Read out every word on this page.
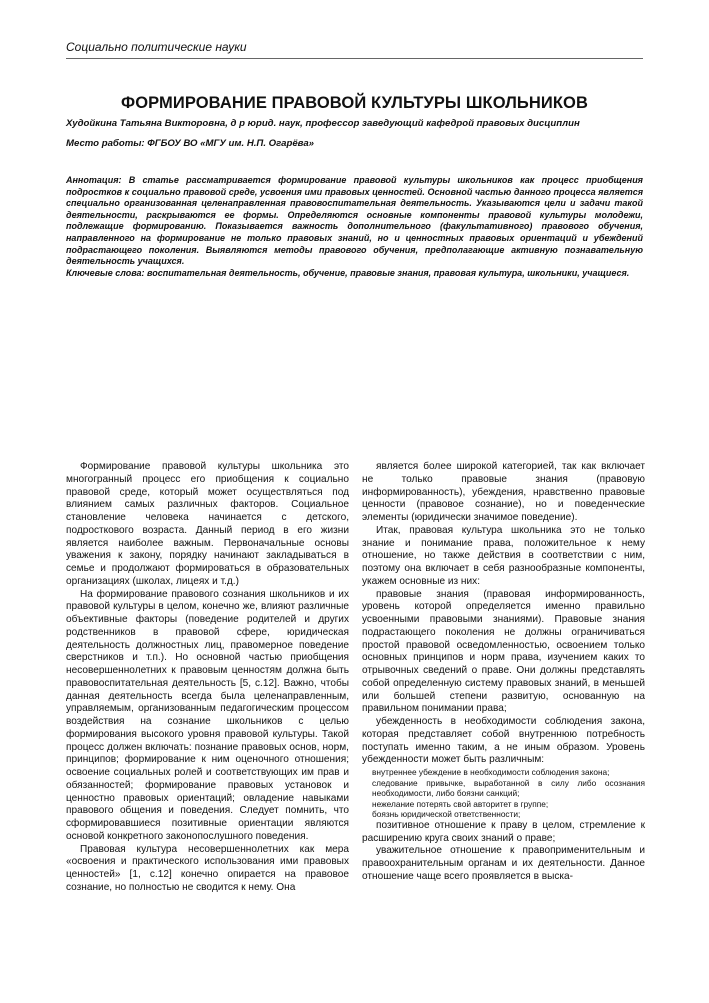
Социально политические науки
ФОРМИРОВАНИЕ ПРАВОВОЙ КУЛЬТУРЫ ШКОЛЬНИКОВ
Худойкина Татьяна Викторовна, д р юрид. наук, профессор заведующий кафедрой правовых дисциплин
Место работы: ФГБОУ ВО «МГУ им. Н.П. Огарёва»
Аннотация: В статье рассматривается формирование правовой культуры школьников как процесс приобщения подростков к социально правовой среде, усвоения ими правовых ценностей. Основной частью данного процесса является специально организованная целенаправленная правовоспитательная деятельность. Указываются цели и задачи такой деятельности, раскрываются ее формы. Определяются основные компоненты правовой культуры молодежи, подлежащие формированию. Показывается важность дополнительного (факультативного) правового обучения, направленного на формирование не только правовых знаний, но и ценностных правовых ориентаций и убеждений подрастающего поколения. Выявляются методы правового обучения, предполагающие активную познавательную деятельность учащихся.
Ключевые слова: воспитательная деятельность, обучение, правовые знания, правовая культура, школьники, учащиеся.

Формирование правовой культуры школьника это многогранный процесс его приобщения к социально правовой среде, который может осуществляться под влиянием самых различных факторов. Социальное становление человека начинается с детского, подросткового возраста. Данный период в его жизни является наиболее важным. Первоначальные основы уважения к закону, порядку начинают закладываться в семье и продолжают формироваться в образовательных организациях (школах, лицеях и т.д.)

На формирование правового сознания школьников и их правовой культуры в целом, конечно же, влияют различные объективные факторы (поведение родителей и других родственников в правовой сфере, юридическая деятельность должностных лиц, правомерное поведение сверстников и т.п.). Но основной частью приобщения несовершеннолетних к правовым ценностям должна быть правовоспитательная деятельность [5, с.12]. Важно, чтобы данная деятельность всегда была целенаправленным, управляемым, организованным педагогическим процессом воздействия на сознание школьников с целью формирования высокого уровня правовой культуры. Такой процесс должен включать: познание правовых основ, норм, принципов; формирование к ним оценочного отношения; освоение социальных ролей и соответствующих им прав и обязанностей; формирование правовых установок и ценностно правовых ориентаций; овладение навыками правового общения и поведения. Следует помнить, что сформировавшиеся позитивные ориентации являются основой конкретного законопослушного поведения.

Правовая культура несовершеннолетних как мера «освоения и практического использования ими правовых ценностей» [1, с.12] конечно опирается на правовое сознание, но полностью не сводится к нему. Она

является более широкой категорией, так как включает не только правовые знания (правовую информированность), убеждения, нравственно правовые ценности (правовое сознание), но и поведенческие элементы (юридически значимое поведение).

Итак, правовая культура школьника это не только знание и понимание права, положительное к нему отношение, но также действия в соответствии с ним, поэтому она включает в себя разнообразные компоненты, укажем основные из них:

правовые знания (правовая информированность, уровень которой определяется именно правильно усвоенными правовыми знаниями). Правовые знания подрастающего поколения не должны ограничиваться простой правовой осведомленностью, освоением только основных принципов и норм права, изучением каких то отрывочных сведений о праве. Они должны представлять собой определенную систему правовых знаний, в меньшей или большей степени развитую, основанную на правильном понимании права;

убежденность в необходимости соблюдения закона, которая представляет собой внутреннюю потребность поступать именно таким, а не иным образом. Уровень убежденности может быть различным:

внутреннее убеждение в необходимости соблюдения закона;

следование привычке, выработанной в силу либо осознания необходимости, либо боязни санкций;

нежелание потерять свой авторитет в группе;

боязнь юридической ответственности;

позитивное отношение к праву в целом, стремление к расширению круга своих знаний о праве;

уважительное отношение к правоприменительным и правоохранительным органам и их деятельности. Данное отношение чаще всего проявляется в выска-
